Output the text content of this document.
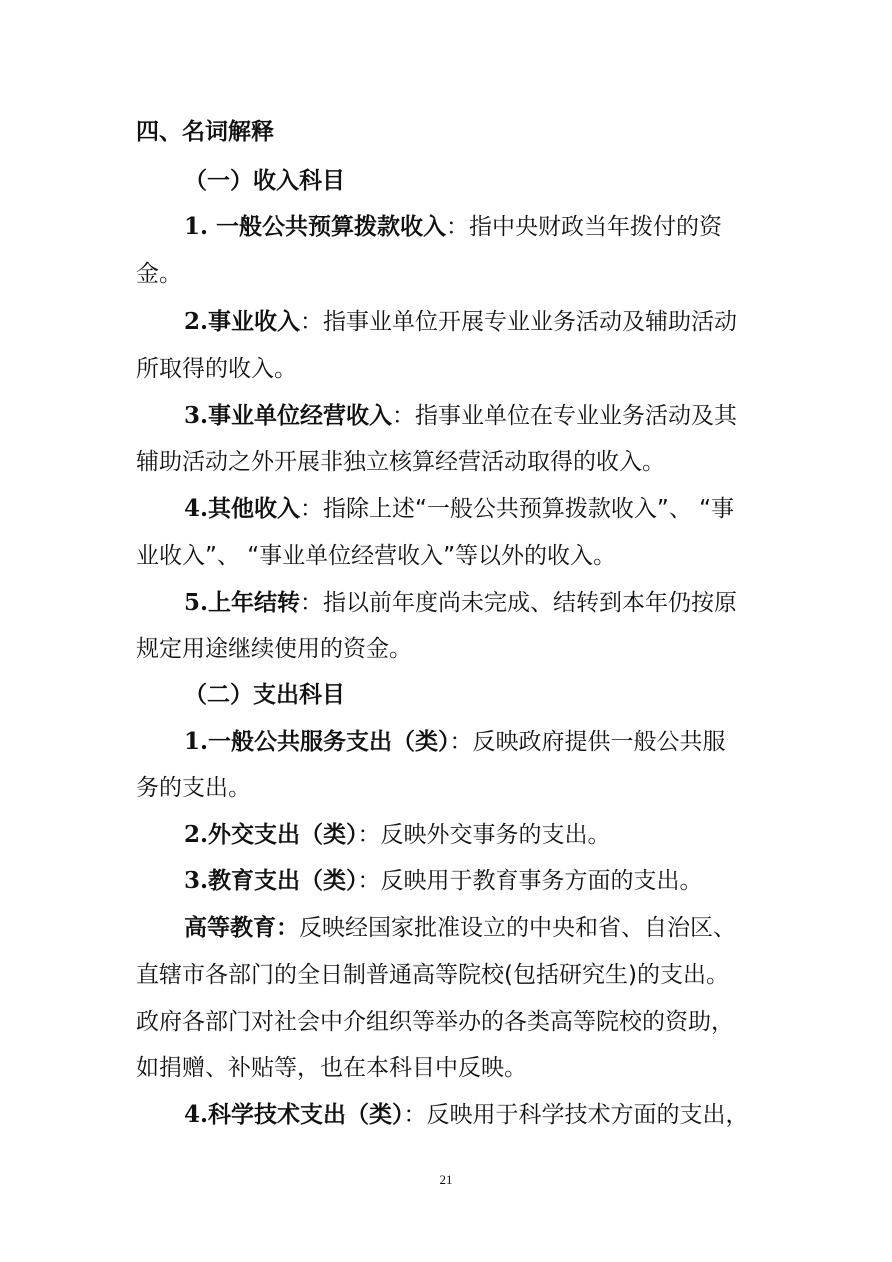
四、名词解释
（一）收入科目
1. 一般公共预算拨款收入：指中央财政当年拨付的资
金。
2.事业收入：指事业单位开展专业业务活动及辅助活动
所取得的收入。
3.事业单位经营收入：指事业单位在专业业务活动及其
辅助活动之外开展非独立核算经营活动取得的收入。
4.其他收入：指除上述“一般公共预算拨款收入”、 “事
业收入”、 “事业单位经营收入”等以外的收入。
5.上年结转：指以前年度尚未完成、结转到本年仍按原
规定用途继续使用的资金。
（二）支出科目
1.一般公共服务支出（类）：反映政府提供一般公共服
务的支出。
2.外交支出（类）：反映外交事务的支出。
3.教育支出（类）：反映用于教育事务方面的支出。
高等教育：反映经国家批准设立的中央和省、自治区、
直辖市各部门的全日制普通高等院校(包括研究生)的支出。
政府各部门对社会中介组织等举办的各类高等院校的资助，
如捐赠、补贴等，也在本科目中反映。
4.科学技术支出（类）：反映用于科学技术方面的支出，
21
